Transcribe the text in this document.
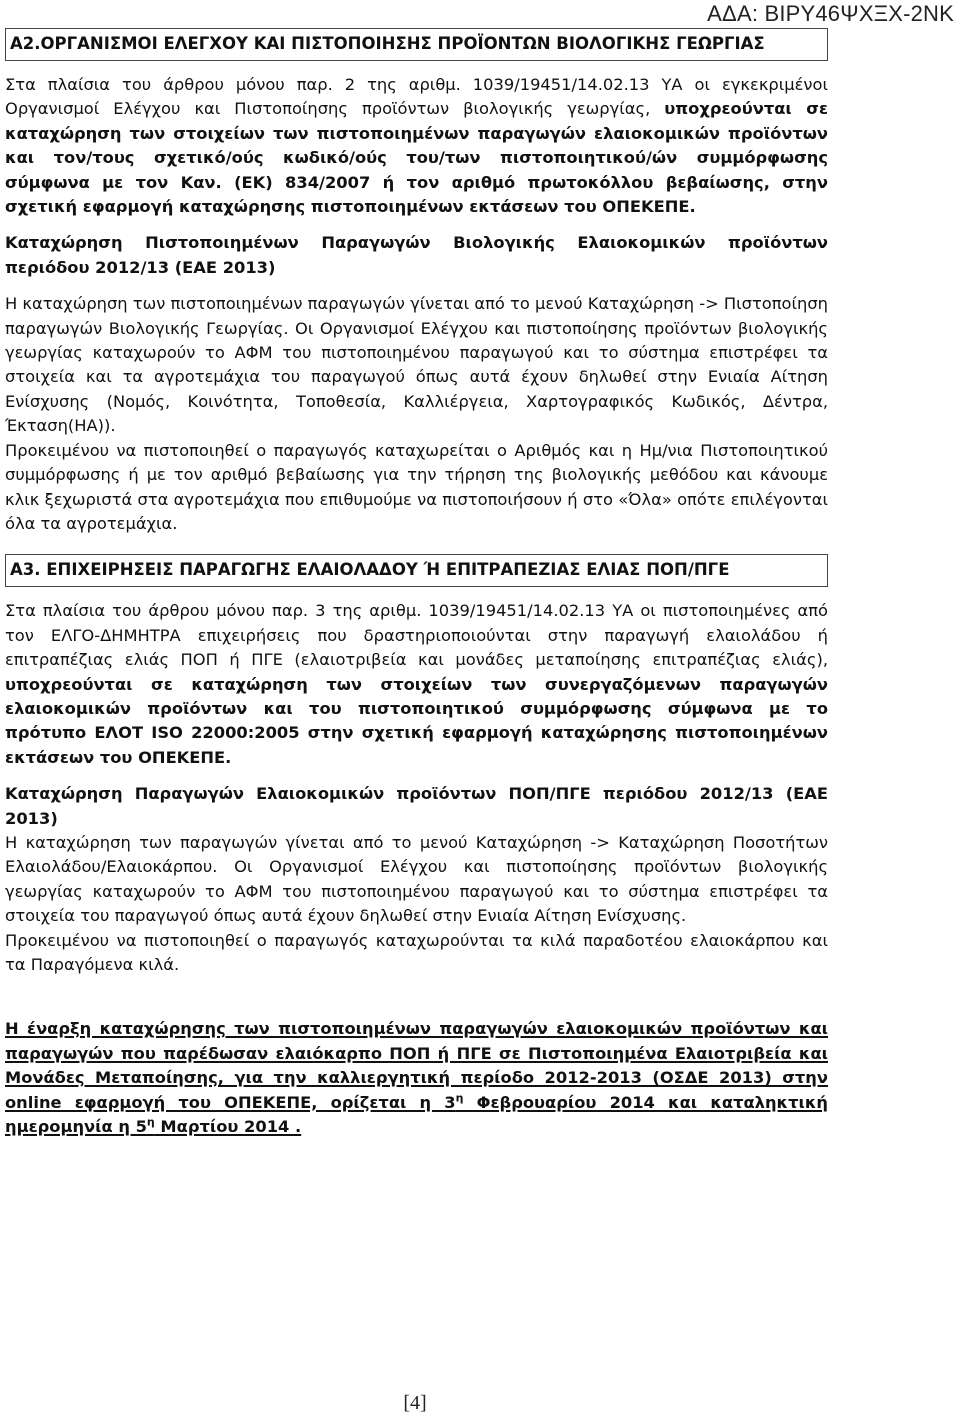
ΑΔΑ: ΒΙΡΥ46ΨΧΞΧ-2ΝΚ
Α2.ΟΡΓΑΝΙΣΜΟΙ ΕΛΕΓΧΟΥ ΚΑΙ ΠΙΣΤΟΠΟΙΗΣΗΣ ΠΡΟΪΟΝΤΩΝ ΒΙΟΛΟΓΙΚΗΣ ΓΕΩΡΓΙΑΣ

Στα πλαίσια του άρθρου μόνου παρ. 2 της αριθμ. 1039/19451/14.02.13 ΥΑ οι εγκεκριμένοι Οργανισμοί Ελέγχου και Πιστοποίησης προϊόντων βιολογικής γεωργίας, υποχρεούνται σε καταχώρηση των στοιχείων των πιστοποιημένων παραγωγών ελαιοκομικών προϊόντων και τον/τους σχετικό/ούς κωδικό/ούς του/των πιστοποιητικού/ών συμμόρφωσης σύμφωνα με τον Καν. (ΕΚ) 834/2007 ή τον αριθμό πρωτοκόλλου βεβαίωσης, στην σχετική εφαρμογή καταχώρησης πιστοποιημένων εκτάσεων του ΟΠΕΚΕΠΕ.

Καταχώρηση Πιστοποιημένων Παραγωγών Βιολογικής Ελαιοκομικών προϊόντων περιόδου 2012/13 (ΕΑΕ 2013)

Η καταχώρηση των πιστοποιημένων παραγωγών γίνεται από το μενού Καταχώρηση -> Πιστοποίηση παραγωγών Βιολογικής Γεωργίας. Οι Οργανισμοί Ελέγχου και πιστοποίησης προϊόντων βιολογικής γεωργίας καταχωρούν το ΑΦΜ του πιστοποιημένου παραγωγού και το σύστημα επιστρέφει τα στοιχεία και τα αγροτεμάχια του παραγωγού όπως αυτά έχουν δηλωθεί στην Ενιαία Αίτηση Ενίσχυσης (Νομός, Κοινότητα, Τοποθεσία, Καλλιέργεια, Χαρτογραφικός Κωδικός, Δέντρα, Έκταση(ΗΑ)).

Προκειμένου να πιστοποιηθεί ο παραγωγός καταχωρείται ο Αριθμός και η Ημ/νια Πιστοποιητικού συμμόρφωσης ή με τον αριθμό βεβαίωσης για την τήρηση της βιολογικής μεθόδου και κάνουμε κλικ ξεχωριστά στα αγροτεμάχια που επιθυμούμε να πιστοποιήσουν ή στο «Όλα» οπότε επιλέγονται όλα τα αγροτεμάχια.

Α3. ΕΠΙΧΕΙΡΗΣΕΙΣ ΠΑΡΑΓΩΓΗΣ ΕΛΑΙΟΛΑΔΟΥ Ή ΕΠΙΤΡΑΠΕΖΙΑΣ ΕΛΙΑΣ ΠΟΠ/ΠΓΕ

Στα πλαίσια του άρθρου μόνου παρ. 3 της αριθμ. 1039/19451/14.02.13 ΥΑ οι πιστοποιημένες από τον ΕΛΓΟ-ΔΗΜΗΤΡΑ επιχειρήσεις που δραστηριοποιούνται στην παραγωγή ελαιολάδου ή επιτραπέζιας ελιάς ΠΟΠ ή ΠΓΕ (ελαιοτριβεία και μονάδες μεταποίησης επιτραπέζιας ελιάς), υποχρεούνται σε καταχώρηση των στοιχείων των συνεργαζόμενων παραγωγών ελαιοκομικών προϊόντων και του πιστοποιητικού συμμόρφωσης σύμφωνα με το πρότυπο ΕΛΟΤ ISO 22000:2005 στην σχετική εφαρμογή καταχώρησης πιστοποιημένων εκτάσεων του ΟΠΕΚΕΠΕ.

Καταχώρηση Παραγωγών Ελαιοκομικών προϊόντων ΠΟΠ/ΠΓΕ περιόδου 2012/13 (ΕΑΕ 2013)

Η καταχώρηση των παραγωγών γίνεται από το μενού Καταχώρηση -> Καταχώρηση Ποσοτήτων Ελαιολάδου/Ελαιοκάρπου. Οι Οργανισμοί Ελέγχου και πιστοποίησης προϊόντων βιολογικής γεωργίας καταχωρούν το ΑΦΜ του πιστοποιημένου παραγωγού και το σύστημα επιστρέφει τα στοιχεία του παραγωγού όπως αυτά έχουν δηλωθεί στην Ενιαία Αίτηση Ενίσχυσης.

Προκειμένου να πιστοποιηθεί ο παραγωγός καταχωρούνται τα κιλά παραδοτέου ελαιοκάρπου και τα Παραγόμενα κιλά.

Η έναρξη καταχώρησης των πιστοποιημένων παραγωγών ελαιοκομικών προϊόντων και παραγωγών που παρέδωσαν ελαιόκαρπο ΠΟΠ ή ΠΓΕ σε Πιστοποιημένα Ελαιοτριβεία και Μονάδες Μεταποίησης, για την καλλιεργητική περίοδο 2012-2013 (ΟΣΔΕ 2013) στην online εφαρμογή του ΟΠΕΚΕΠΕ, ορίζεται η $3^\eta$ Φεβρουαρίου 2014 και καταληκτική ημερομηνία η $5^\eta$ Μαρτίου 2014 .

[4]
